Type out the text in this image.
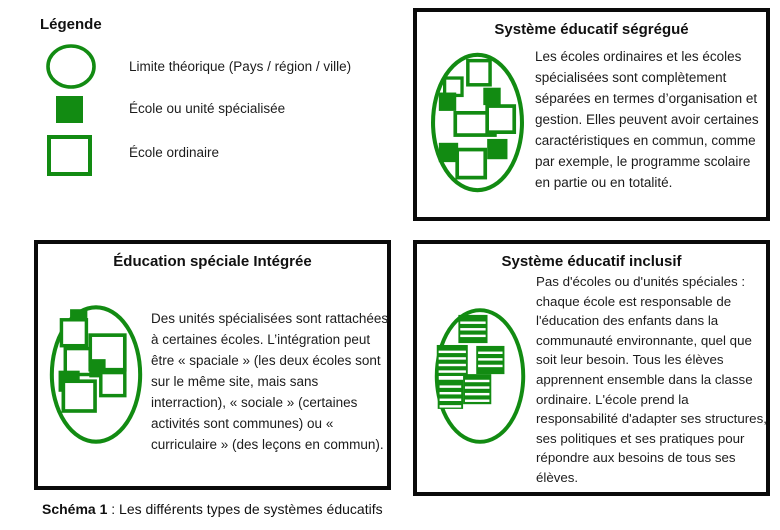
Légende
Limite théorique (Pays / région / ville)
École ou unité spécialisée
École ordinaire
Système éducatif ségrégué
Les écoles ordinaires et les écoles spécialisées sont complètement séparées en termes d’organisation et gestion. Elles peuvent avoir certaines caractéristiques en commun, comme par exemple, le programme scolaire en partie ou en totalité.
Éducation spéciale Intégrée
Des unités spécialisées sont rattachées à certaines écoles. L’intégration peut être « spaciale » (les deux écoles sont sur le même site, mais sans interraction), « sociale » (certaines activités sont communes) ou « curriculaire » (des leçons en commun).
Système éducatif inclusif
Pas d'écoles ou d'unités spéciales : chaque école est responsable de l'éducation des enfants dans la communauté environnante, quel que soit leur besoin. Tous les élèves apprennent ensemble dans la classe ordinaire. L'école prend la responsabilité d'adapter ses structures, ses politiques et ses pratiques pour répondre aux besoins de tous ses élèves.
Schéma 1 : Les différents types de systèmes éducatifs
